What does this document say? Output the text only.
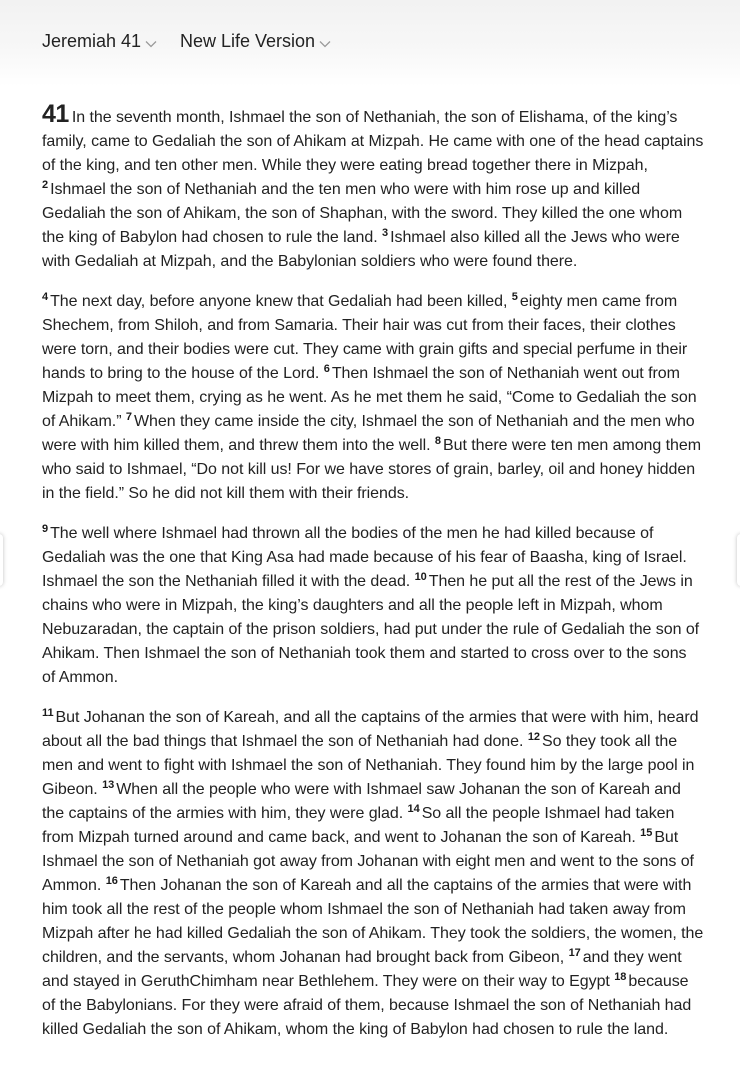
Jeremiah 41 New Life Version

41 In the seventh month, Ishmael the son of Nethaniah, the son of Elishama, of the king’s family, came to Gedaliah the son of Ahikam at Mizpah. He came with one of the head captains of the king, and ten other men. While they were eating bread together there in Mizpah, $^2$ Ishmael the son of Nethaniah and the ten men who were with him rose up and killed Gedaliah the son of Ahikam, the son of Shaphan, with the sword. They killed the one whom the king of Babylon had chosen to rule the land. $^3$ Ishmael also killed all the Jews who were with Gedaliah at Mizpah, and the Babylonian soldiers who were found there.

$^4$ The next day, before anyone knew that Gedaliah had been killed, $^5$ eighty men came from Shechem, from Shiloh, and from Samaria. Their hair was cut from their faces, their clothes were torn, and their bodies were cut. They came with grain gifts and special perfume in their hands to bring to the house of the Lord. $^6$ Then Ishmael the son of Nethaniah went out from Mizpah to meet them, crying as he went. As he met them he said, “Come to Gedaliah the son of Ahikam.” $^7$ When they came inside the city, Ishmael the son of Nethaniah and the men who were with him killed them, and threw them into the well. $^8$ But there were ten men among them who said to Ishmael, “Do not kill us! For we have stores of grain, barley, oil and honey hidden in the field.” So he did not kill them with their friends.

$^9$ The well where Ishmael had thrown all the bodies of the men he had killed because of Gedaliah was the one that King Asa had made because of his fear of Baasha, king of Israel. Ishmael the son the Nethaniah filled it with the dead. $^{10}$ Then he put all the rest of the Jews in chains who were in Mizpah, the king’s daughters and all the people left in Mizpah, whom Nebuzaradan, the captain of the prison soldiers, had put under the rule of Gedaliah the son of Ahikam. Then Ishmael the son of Nethaniah took them and started to cross over to the sons of Ammon.

$^{11}$ But Johanan the son of Kareah, and all the captains of the armies that were with him, heard about all the bad things that Ishmael the son of Nethaniah had done. $^{12}$ So they took all the men and went to fight with Ishmael the son of Nethaniah. They found him by the large pool in Gibeon. $^{13}$ When all the people who were with Ishmael saw Johanan the son of Kareah and the captains of the armies with him, they were glad. $^{14}$ So all the people Ishmael had taken from Mizpah turned around and came back, and went to Johanan the son of Kareah. $^{15}$ But Ishmael the son of Nethaniah got away from Johanan with eight men and went to the sons of Ammon. $^{16}$ Then Johanan the son of Kareah and all the captains of the armies that were with him took all the rest of the people whom Ishmael the son of Nethaniah had taken away from Mizpah after he had killed Gedaliah the son of Ahikam. They took the soldiers, the women, the children, and the servants, whom Johanan had brought back from Gibeon, $^{17}$ and they went and stayed in GeruthChimham near Bethlehem. They were on their way to Egypt $^{18}$ because of the Babylonians. For they were afraid of them, because Ishmael the son of Nethaniah had killed Gedaliah the son of Ahikam, whom the king of Babylon had chosen to rule the land.
